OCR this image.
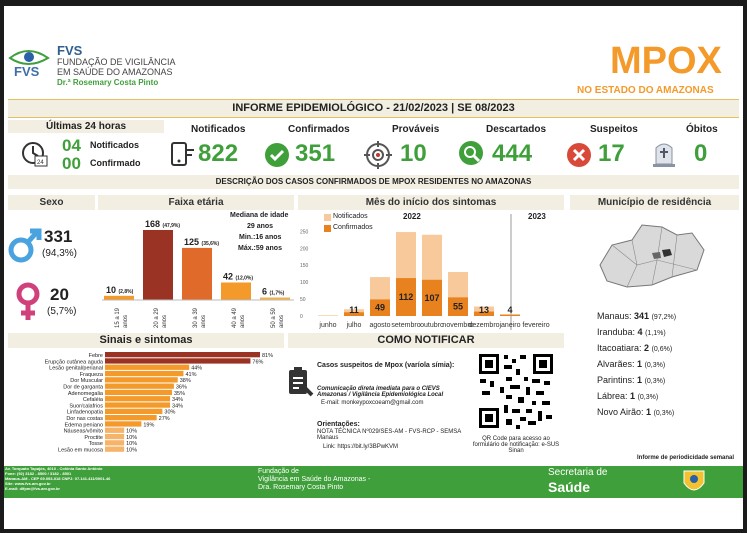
FVS
FVS
FUNDAÇÃO DE VIGILÂNCIA
EM SAÚDE DO AMAZONAS
Dr.ª Rosemary Costa Pinto
MPOX
NO ESTADO DO AMAZONAS
INFORME EPIDEMIOLÓGICO - 21/02/2023 | SE 08/2023
Últimas 24 horas
24
04 Notificados
00 Confirmado
Notificados
822
Confirmados
351
Prováveis
10
Descartados
444
Suspeitos
17
Óbitos
0
DESCRIÇÃO DOS CASOS CONFIRMADOS DE MPOX RESIDENTES NO AMAZONAS
Sexo
331
(94,3%)
20
(5,7%)
Faixa etária
Mediana de idade
29 anos
Min.:16 anos
Máx.:59 anos
10 (2,8%)
15 a 19 anos
168 (47,9%)
20 a 29 anos
125 (35,6%)
30 a 39 anos
42 (12,0%)
40 a 49 anos
6 (1,7%)
50 a 59 anos
Mês do início dos sintomas
Notificados
Confirmados
2022	2023
0
50
100
150
200
250
junho
11
julho
49
agosto
112
setembro
107
outubro
55
novembro
13
dezembro
4
janeiro fevereiro
Município de residência
Manaus: 341 (97,2%)
Iranduba: 4 (1,1%)
Itacoatiara: 2 (0,6%)
Alvarães: 1 (0,3%)
Parintins: 1 (0,3%)
Lábrea: 1 (0,3%)
Novo Airão: 1 (0,3%)
Informe de periodicidade semanal
Sinais e sintomas
Febre	81%
Erupção cutânea aguda	76%
Lesão genital/perianal	44%
Fraqueza	41%
Dor Muscular	38%
Dor de garganta	36%
Adenomegalia	35%
Cefaléia	34%
Suor/calafrios	34%
Linfadenopatia	30%
Dor nas costas	27%
Edema peniano	19%
Náuseas/vômito	10%
Proctite	10%
Tosse	10%
Lesão em mucosa	10%
COMO NOTIFICAR
Casos suspeitos de Mpox (varíola símia):
Comunicação direta imediata para o CIEVS Amazonas / Vigilância Epidemiológica Local
E-mail: monkeypoxcoeam@gmail.com
Orientações:
NOTA TÉCNICA Nº029/SES-AM - FVS-RCP - SEMSA Manaus
Link: https://bit.ly/3BPwKVM
QR Code para acesso ao formulário de notificação: e-SUS Sinan
Av. Torquato Tapajós, 4010 - Colônia Santo Antônio
Fone: (92) 3182 - 8500 / 3182 - 8501
Manaus-AM - CEP 69.093-018 CNPJ: 07.141.411/0001-46
Site: www.fvs.am.gov.br
E-mail: difpm@fvs.am.gov.br
Fundação de
Vigilância em Saúde do Amazonas -
Dra. Rosemary Costa Pinto
Secretaria de
Saúde
